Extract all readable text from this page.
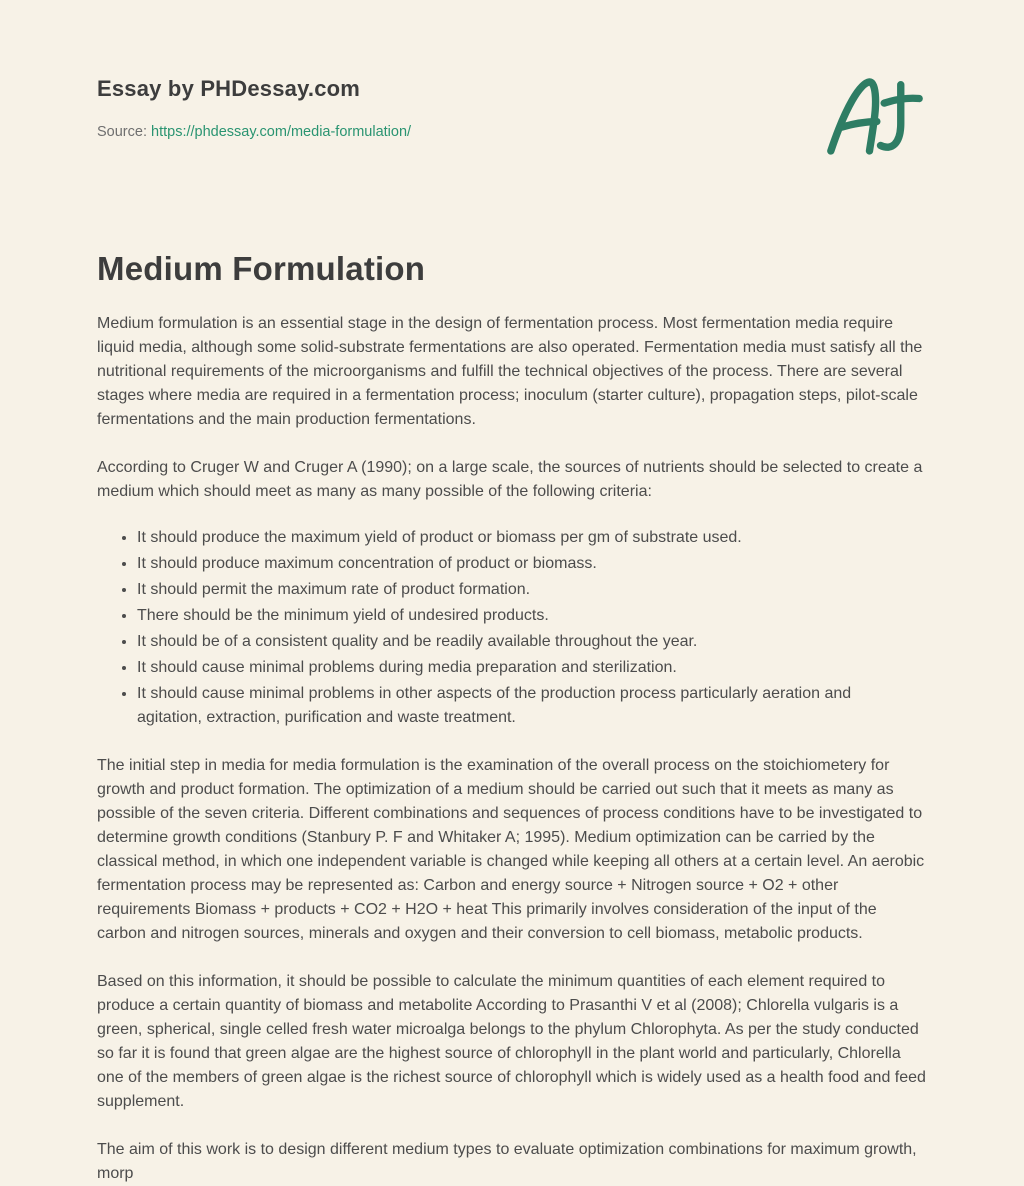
Essay by PHDessay.com
Source: https://phdessay.com/media-formulation/
Medium Formulation

Medium formulation is an essential stage in the design of fermentation process. Most fermentation media require liquid media, although some solid-substrate fermentations are also operated. Fermentation media must satisfy all the nutritional requirements of the microorganisms and fulfill the technical objectives of the process. There are several stages where media are required in a fermentation process; inoculum (starter culture), propagation steps, pilot-scale fermentations and the main production fermentations.

According to Cruger W and Cruger A (1990); on a large scale, the sources of nutrients should be selected to create a medium which should meet as many as many possible of the following criteria:

• It should produce the maximum yield of product or biomass per gm of substrate used.
• It should produce maximum concentration of product or biomass.
• It should permit the maximum rate of product formation.
• There should be the minimum yield of undesired products.
• It should be of a consistent quality and be readily available throughout the year.
• It should cause minimal problems during media preparation and sterilization.
• It should cause minimal problems in other aspects of the production process particularly aeration and agitation, extraction, purification and waste treatment.

The initial step in media for media formulation is the examination of the overall process on the stoichiometery for growth and product formation. The optimization of a medium should be carried out such that it meets as many as possible of the seven criteria. Different combinations and sequences of process conditions have to be investigated to determine growth conditions (Stanbury P. F and Whitaker A; 1995). Medium optimization can be carried by the classical method, in which one independent variable is changed while keeping all others at a certain level. An aerobic fermentation process may be represented as: Carbon and energy source + Nitrogen source + O2 + other requirements Biomass + products + CO2 + H2O + heat This primarily involves consideration of the input of the carbon and nitrogen sources, minerals and oxygen and their conversion to cell biomass, metabolic products.

Based on this information, it should be possible to calculate the minimum quantities of each element required to produce a certain quantity of biomass and metabolite According to Prasanthi V et al (2008); Chlorella vulgaris is a green, spherical, single celled fresh water microalga belongs to the phylum Chlorophyta. As per the study conducted so far it is found that green algae are the highest source of chlorophyll in the plant world and particularly, Chlorella one of the members of green algae is the richest source of chlorophyll which is widely used as a health food and feed supplement.

The aim of this work is to design different medium types to evaluate optimization combinations for maximum growth, morp
